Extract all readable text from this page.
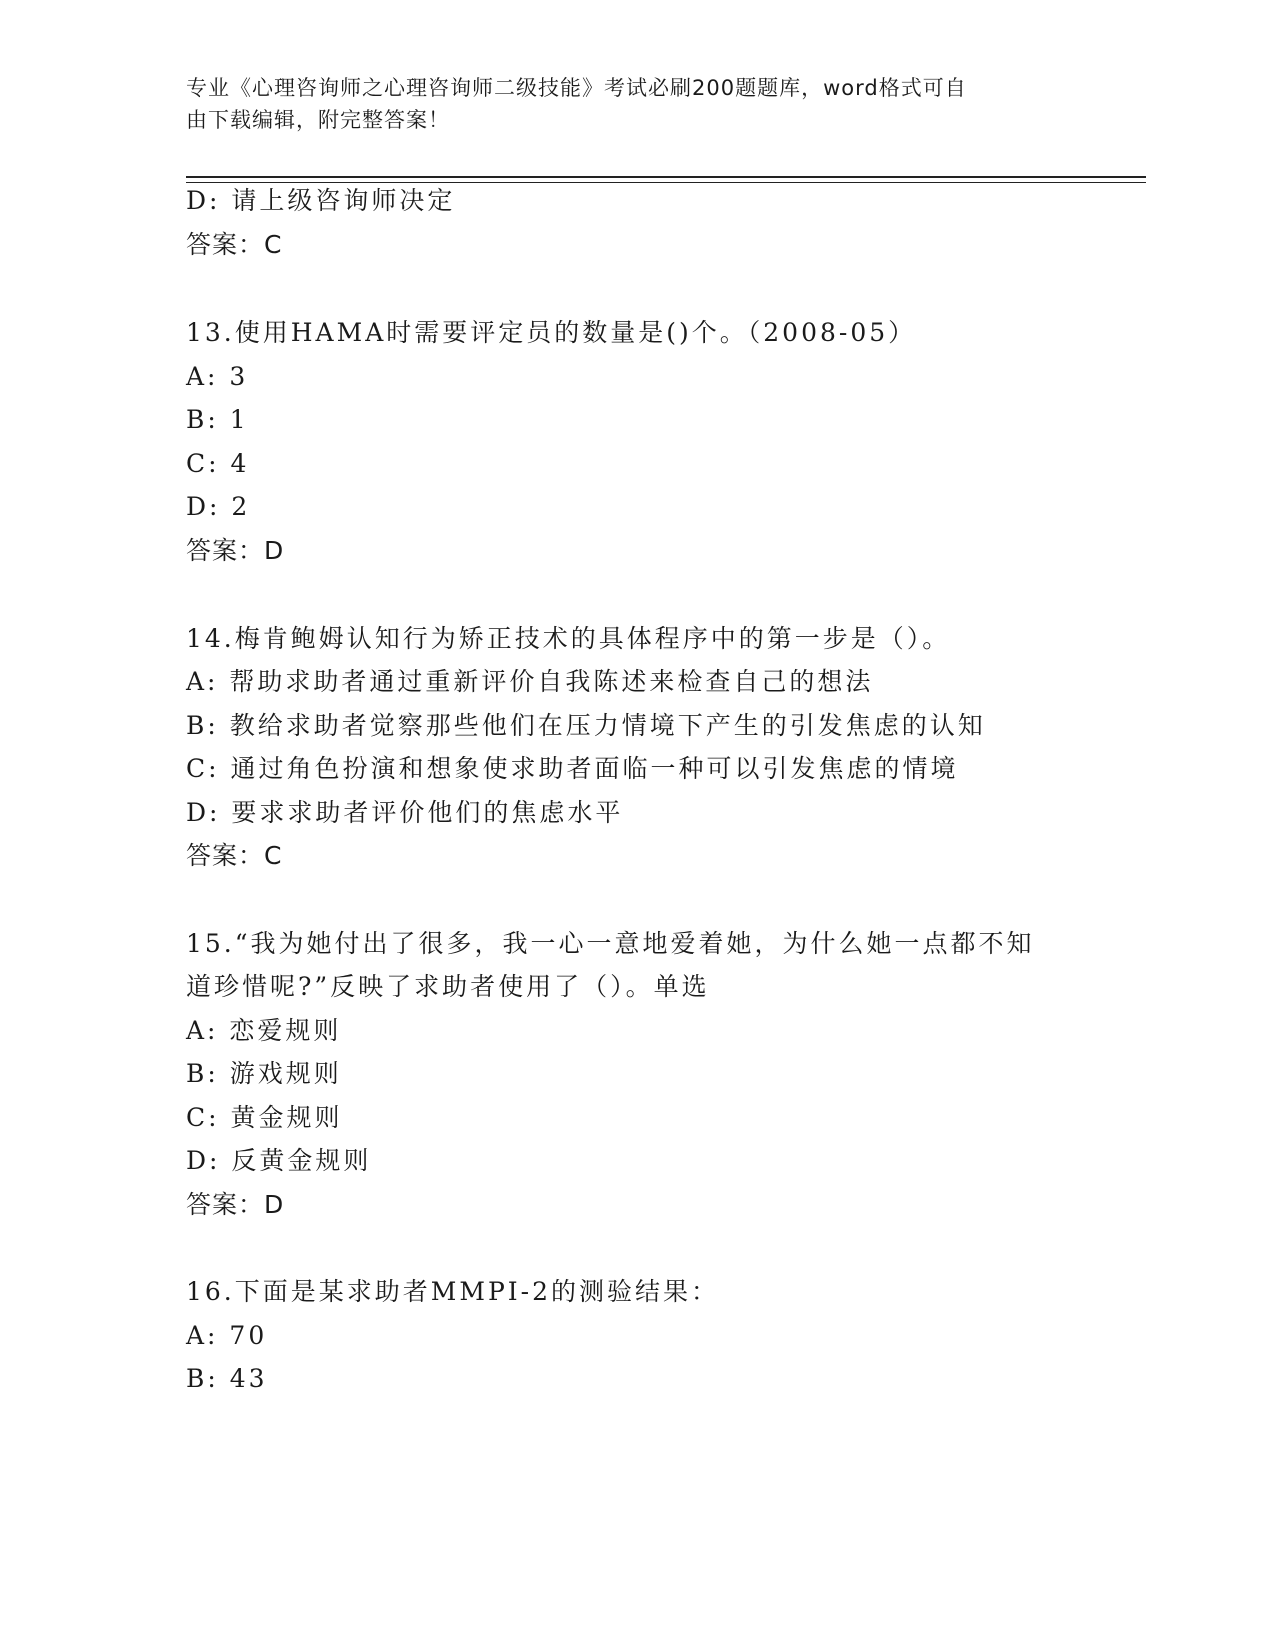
专业《心理咨询师之心理咨询师二级技能》考试必刷200题题库，word格式可自
由下载编辑，附完整答案！
D: 请上级咨询师决定
答案：C
13.使用HAMA时需要评定员的数量是()个。（2008-05）
A: 3
B: 1
C: 4
D: 2
答案：D
14.梅肯鲍姆认知行为矫正技术的具体程序中的第一步是（）。
A: 帮助求助者通过重新评价自我陈述来检查自己的想法
B: 教给求助者觉察那些他们在压力情境下产生的引发焦虑的认知
C: 通过角色扮演和想象使求助者面临一种可以引发焦虑的情境
D: 要求求助者评价他们的焦虑水平
答案：C
15.“我为她付出了很多，我一心一意地爱着她，为什么她一点都不知
道珍惜呢?”反映了求助者使用了（）。单选
A: 恋爱规则
B: 游戏规则
C: 黄金规则
D: 反黄金规则
答案：D
16.下面是某求助者MMPI-2的测验结果：
A: 70
B: 43
